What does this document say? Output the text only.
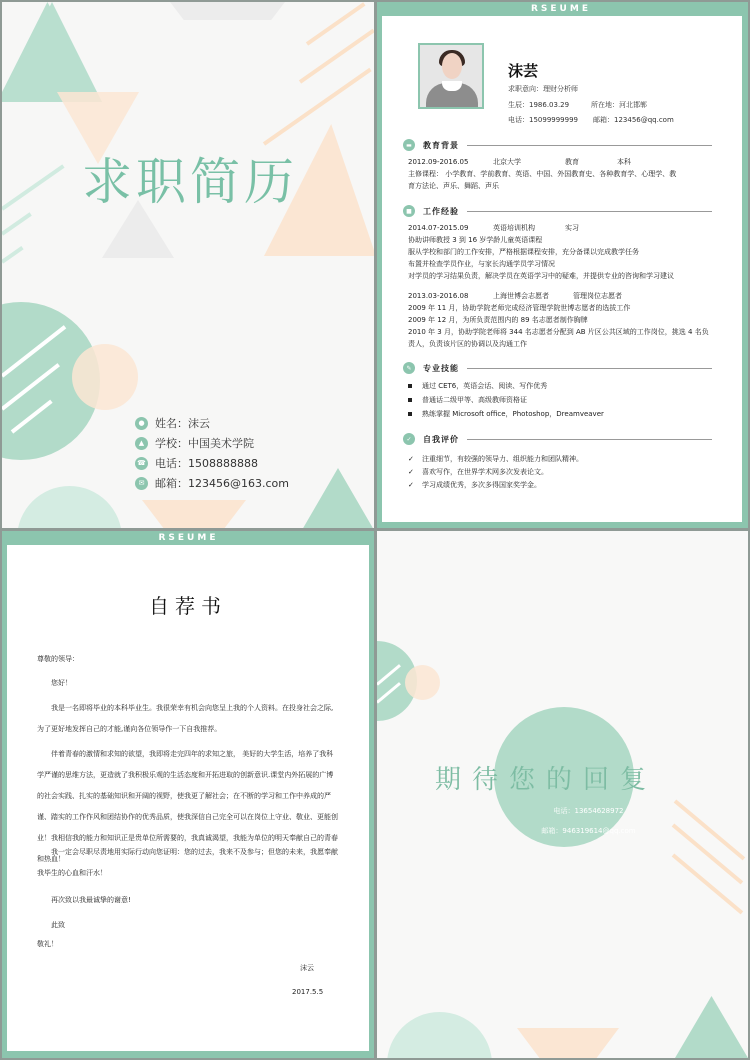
求职简历
● 姓名：沫云
▲ 学校：中国美术学院
☎ 电话：1508888888
✉ 邮箱：123456@163.com
RSEUME
沫芸
求职意向：理财分析师
生辰：1986.03.29	所在地：河北邯郸
电话：15099999999 邮箱：123456@qq.com
▬	教育背景
2012.09-2016.05	北京大学	教育	本科
主修课程： 小学教育、学前教育、英语、中国、外国教育史、各种教育学、心理学、教
育方法论、声乐、舞蹈、声乐
■	工作经验
2014.07-2015.09	英语培训机构	实习
协助讲师教授 3 到 16 岁学龄儿童英语课程
服从学校和部门的工作安排，严格根据课程安排，充分备课以完成教学任务
布置并检查学员作业，与家长沟通学员学习情况
对学员的学习结果负责，解决学员在英语学习中的疑难，并提供专业的咨询和学习建议
2013.03-2016.08	上海世博会志愿者	管理岗位志愿者
2009 年 11 月，协助学院老师完成经济管理学院世博志愿者的选拔工作
2009 年 12 月，为所负责范围内的 89 名志愿者制作胸牌
2010 年 3 月，协助学院老师将 344 名志愿者分配到 AB 片区公共区域的工作岗位，挑选 4 名负
责人，负责该片区的协调以及沟通工作
✎	专业技能
通过 CET6，英语会话、阅读、写作优秀
普通话二级甲等、高级教师资格证
熟练掌握 Microsoft office，Photoshop，Dreamveaver
✓	自我评价
✓	注重细节，有较强的领导力、组织能力和团队精神。
✓	喜欢写作，在世界学术网多次发表论文。
✓	学习成绩优秀，多次多得国家奖学金。
RSEUME
自荐书
尊敬的领导：
您好！
我是一名即将毕业的本科毕业生。我很荣幸有机会向您呈上我的个人资料。在投身社会之际,为了更好地发挥自己的才能,谨向各位领导作一下自我推荐。
伴着青春的激情和求知的欲望，我即将走完四年的求知之旅， 美好的大学生活，培养了我科学严谨的思维方法，更造就了我积极乐观的生活态度和开拓进取的创新意识.课堂内外拓展的广博的社会实践、扎实的基础知识和开阔的视野，使我更了解社会；在不断的学习和工作中养成的严谨、踏实的工作作风和团结协作的优秀品质，使我深信自己完全可以在岗位上守业、敬业、更能创业！我相信我的能力和知识正是贵单位所需要的，我真诚渴望，我能为单位的明天奉献自己的青春和热血！
我一定会尽职尽责地用实际行动向您证明：您的过去，我来不及参与；但您的未来，我愿奉献我毕生的心血和汗水！
再次致以我最诚挚的谢意!
此致
敬礼！
沫云
2017.5.5
期待您的回复
电话：13654628972
邮箱：946319614@qq.com
